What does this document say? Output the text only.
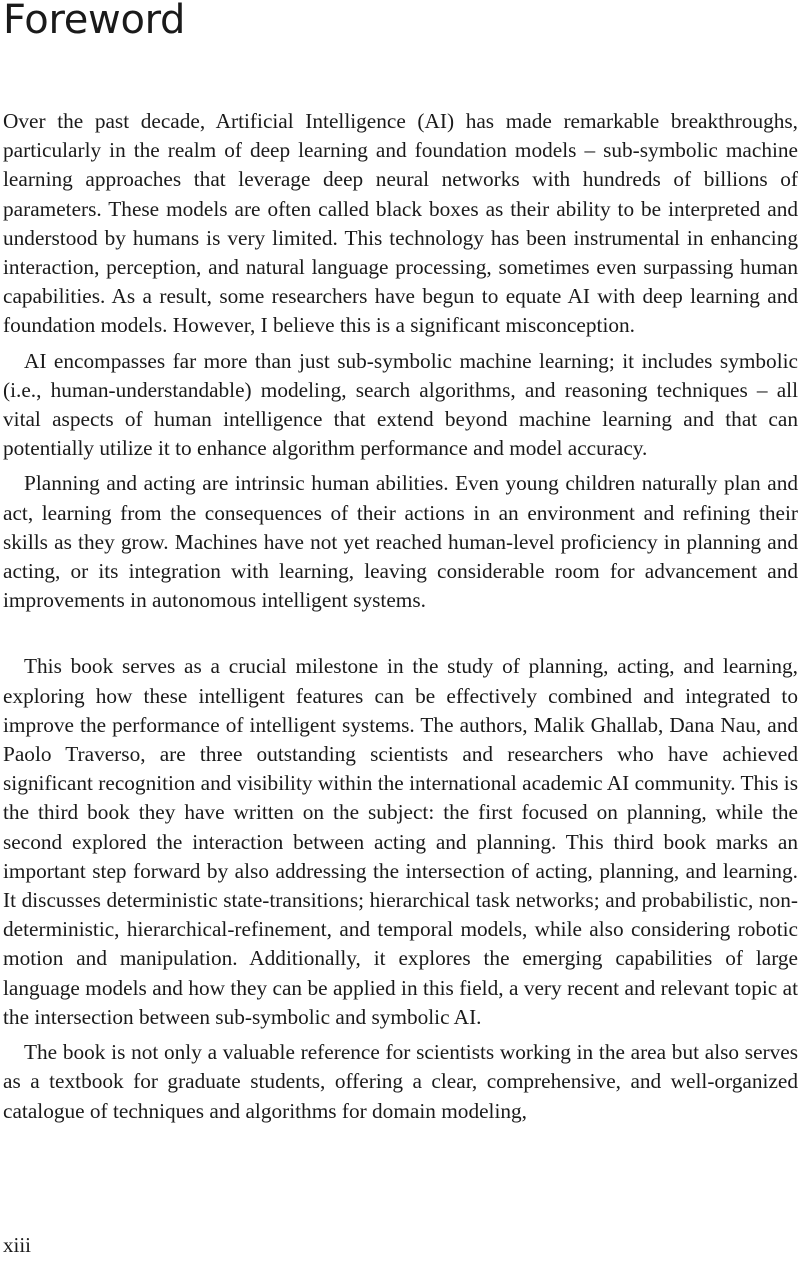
Foreword

Over the past decade, Artificial Intelligence (AI) has made remarkable breakthroughs, particularly in the realm of deep learning and foundation models – sub-symbolic machine learning approaches that leverage deep neural networks with hundreds of billions of parameters. These models are often called black boxes as their ability to be interpreted and understood by humans is very limited. This technology has been instrumental in enhancing interaction, perception, and natural language processing, sometimes even surpassing human capabilities. As a result, some researchers have begun to equate AI with deep learning and foundation models. However, I believe this is a significant misconception.

AI encompasses far more than just sub-symbolic machine learning; it includes symbolic (i.e., human-understandable) modeling, search algorithms, and reasoning techniques – all vital aspects of human intelligence that extend beyond machine learning and that can potentially utilize it to enhance algorithm performance and model accuracy.

Planning and acting are intrinsic human abilities. Even young children naturally plan and act, learning from the consequences of their actions in an environment and refining their skills as they grow. Machines have not yet reached human-level proficiency in planning and acting, or its integration with learning, leaving considerable room for advancement and improvements in autonomous intelligent systems.

This book serves as a crucial milestone in the study of planning, acting, and learning, exploring how these intelligent features can be effectively combined and integrated to improve the performance of intelligent systems. The authors, Malik Ghallab, Dana Nau, and Paolo Traverso, are three outstanding scientists and researchers who have achieved significant recognition and visibility within the international academic AI community. This is the third book they have written on the subject: the first focused on planning, while the second explored the interaction between acting and planning. This third book marks an important step forward by also addressing the intersection of acting, planning, and learning. It discusses deterministic state-transitions; hierarchical task networks; and probabilistic, non-deterministic, hierarchical-refinement, and temporal models, while also considering robotic motion and manipulation. Additionally, it explores the emerging capabilities of large language models and how they can be applied in this field, a very recent and relevant topic at the intersection between sub-symbolic and symbolic AI.

The book is not only a valuable reference for scientists working in the area but also serves as a textbook for graduate students, offering a clear, comprehensive, and well-organized catalogue of techniques and algorithms for domain modeling,

xiii
